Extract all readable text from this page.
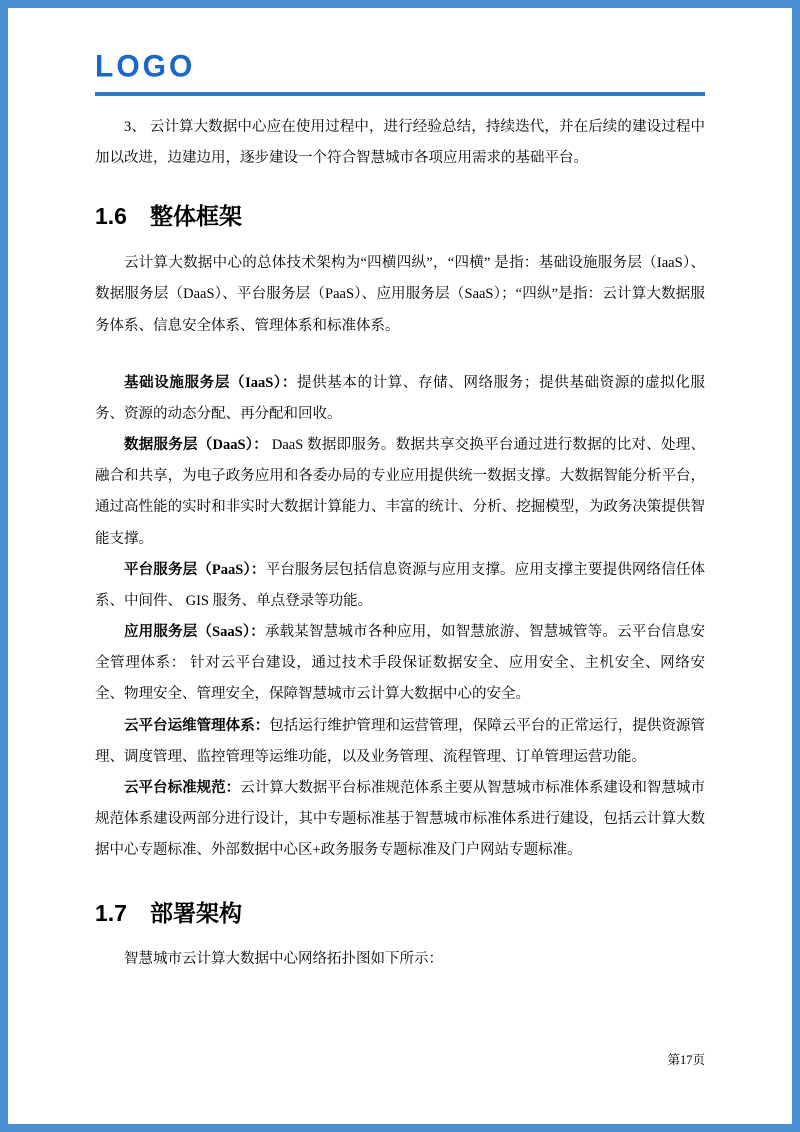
LOGO

3、 云计算大数据中心应在使用过程中，进行经验总结，持续迭代，并在后续的建设过程中加以改进，边建边用，逐步建设一个符合智慧城市各项应用需求的基础平台。

1.6　整体框架

云计算大数据中心的总体技术架构为“四横四纵”，“四横” 是指：基础设施服务层（IaaS）、数据服务层（DaaS）、平台服务层（PaaS）、应用服务层（SaaS）；“四纵”是指：云计算大数据服务体系、信息安全体系、管理体系和标准体系。

基础设施服务层（IaaS）：提供基本的计算、存储、网络服务；提供基础资源的虚拟化服务、资源的动态分配、再分配和回收。

数据服务层（DaaS）： DaaS 数据即服务。数据共享交换平台通过进行数据的比对、处理、融合和共享，为电子政务应用和各委办局的专业应用提供统一数据支撑。大数据智能分析平台，通过高性能的实时和非实时大数据计算能力、丰富的统计、分析、挖掘模型，为政务决策提供智能支撑。

平台服务层（PaaS）：平台服务层包括信息资源与应用支撑。应用支撑主要提供网络信任体系、中间件、 GIS 服务、单点登录等功能。

应用服务层（SaaS）：承载某智慧城市各种应用，如智慧旅游、智慧城管等。云平台信息安全管理体系： 针对云平台建设，通过技术手段保证数据安全、应用安全、主机安全、网络安全、物理安全、管理安全，保障智慧城市云计算大数据中心的安全。

云平台运维管理体系：包括运行维护管理和运营管理，保障云平台的正常运行，提供资源管理、调度管理、监控管理等运维功能，以及业务管理、流程管理、订单管理运营功能。

云平台标准规范：云计算大数据平台标准规范体系主要从智慧城市标准体系建设和智慧城市规范体系建设两部分进行设计，其中专题标准基于智慧城市标准体系进行建设，包括云计算大数据中心专题标准、外部数据中心区+政务服务专题标准及门户网站专题标准。

1.7　部署架构

智慧城市云计算大数据中心网络拓扑图如下所示：

第17页
